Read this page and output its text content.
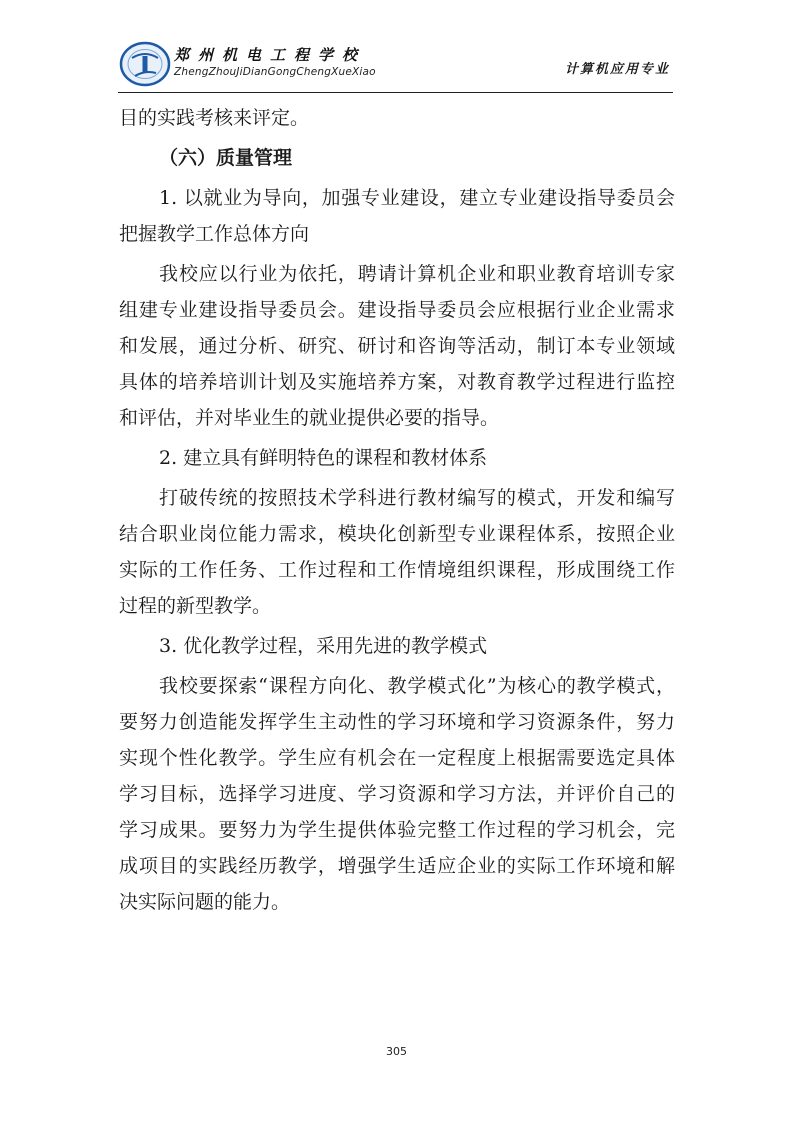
郑州机电工程学校
ZhengZhouJiDianGongChengXueXiao	计算机应用专业
目的实践考核来评定。
（六）质量管理
1. 以就业为导向，加强专业建设，建立专业建设指导委员会
把握教学工作总体方向
我校应以行业为依托，聘请计算机企业和职业教育培训专家
组建专业建设指导委员会。建设指导委员会应根据行业企业需求
和发展，通过分析、研究、研讨和咨询等活动，制订本专业领域
具体的培养培训计划及实施培养方案，对教育教学过程进行监控
和评估，并对毕业生的就业提供必要的指导。
2. 建立具有鲜明特色的课程和教材体系
打破传统的按照技术学科进行教材编写的模式，开发和编写
结合职业岗位能力需求，模块化创新型专业课程体系，按照企业
实际的工作任务、工作过程和工作情境组织课程，形成围绕工作
过程的新型教学。
3. 优化教学过程，采用先进的教学模式
我校要探索“课程方向化、教学模式化”为核心的教学模式，
要努力创造能发挥学生主动性的学习环境和学习资源条件，努力
实现个性化教学。学生应有机会在一定程度上根据需要选定具体
学习目标，选择学习进度、学习资源和学习方法，并评价自己的
学习成果。要努力为学生提供体验完整工作过程的学习机会，完
成项目的实践经历教学，增强学生适应企业的实际工作环境和解
决实际问题的能力。
305
